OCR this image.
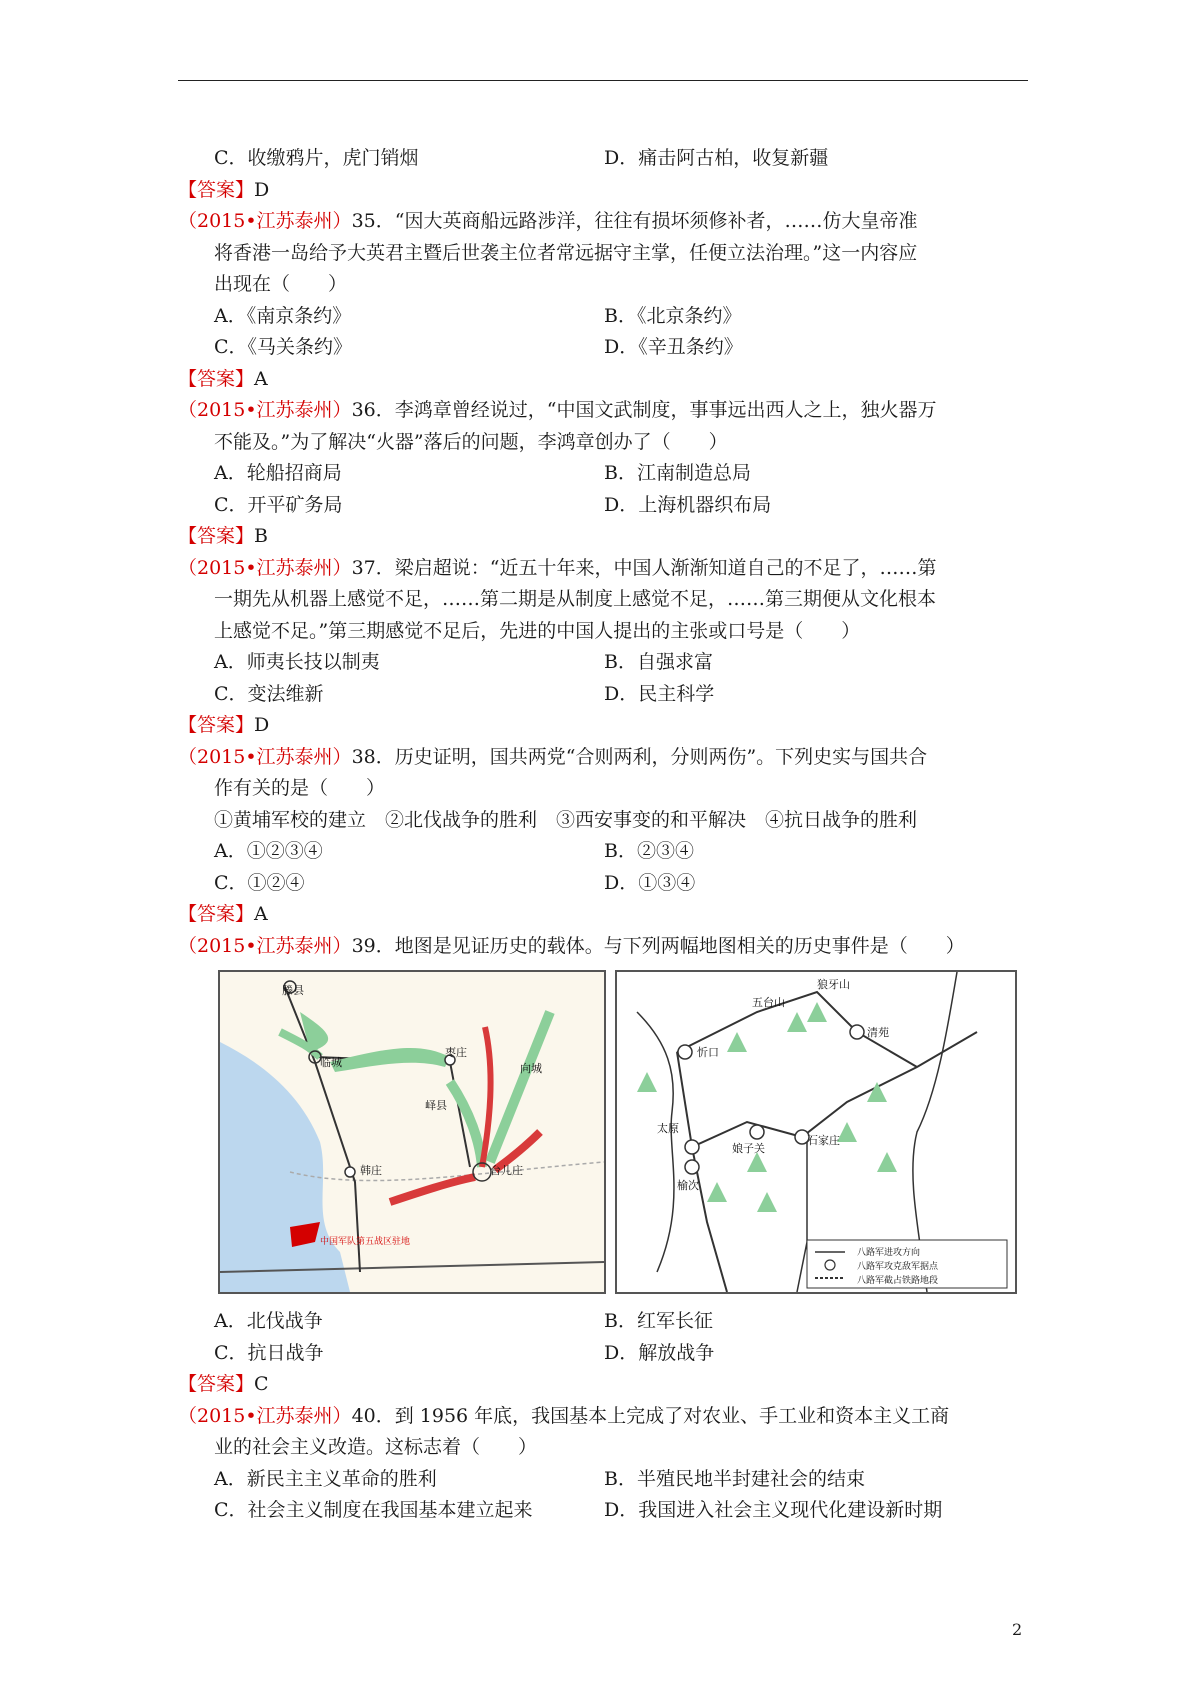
C．收缴鸦片，虎门销烟	D．痛击阿古柏，收复新疆
【答案】D
（2015•江苏泰州）35．“因大英商船远路涉洋，往往有损坏须修补者，……仿大皇帝准
将香港一岛给予大英君主暨后世袭主位者常远据守主掌，任便立法治理。”这一内容应
出现在（　　）
A．《南京条约》	B．《北京条约》
C．《马关条约》	D．《辛丑条约》
【答案】A
（2015•江苏泰州）36．李鸿章曾经说过，“中国文武制度，事事远出西人之上，独火器万
不能及。”为了解决“火器”落后的问题，李鸿章创办了（　　）
A．轮船招商局	B．江南制造总局
C．开平矿务局	D．上海机器织布局
【答案】B
（2015•江苏泰州）37．梁启超说：“近五十年来，中国人渐渐知道自己的不足了，……第
一期先从机器上感觉不足，……第二期是从制度上感觉不足，……第三期便从文化根本
上感觉不足。”第三期感觉不足后，先进的中国人提出的主张或口号是（　　）
A．师夷长技以制夷	B．自强求富
C．变法维新	D．民主科学
【答案】D
（2015•江苏泰州）38．历史证明，国共两党“合则两利，分则两伤”。下列史实与国共合
作有关的是（　　）
①黄埔军校的建立　②北伐战争的胜利　③西安事变的和平解决　④抗日战争的胜利
A．①②③④	B．②③④
C．①②④	D．①③④
【答案】A
（2015•江苏泰州）39．地图是见证历史的载体。与下列两幅地图相关的历史事件是（　　）
滕县
枣庄
向城
临城
峄县
韩庄	台儿庄
中国军队第五战区驻地
五台山
狼牙山
忻口
清苑
太原
娘子关
石家庄
榆次
八路军进攻方向
八路军攻克敌军据点
八路军截占铁路地段
A．北伐战争	B．红军长征
C．抗日战争	D．解放战争
【答案】C
（2015•江苏泰州）40．到 1956 年底，我国基本上完成了对农业、手工业和资本主义工商
业的社会主义改造。这标志着（　　）
A．新民主主义革命的胜利	B．半殖民地半封建社会的结束
C．社会主义制度在我国基本建立起来	D．我国进入社会主义现代化建设新时期
2
